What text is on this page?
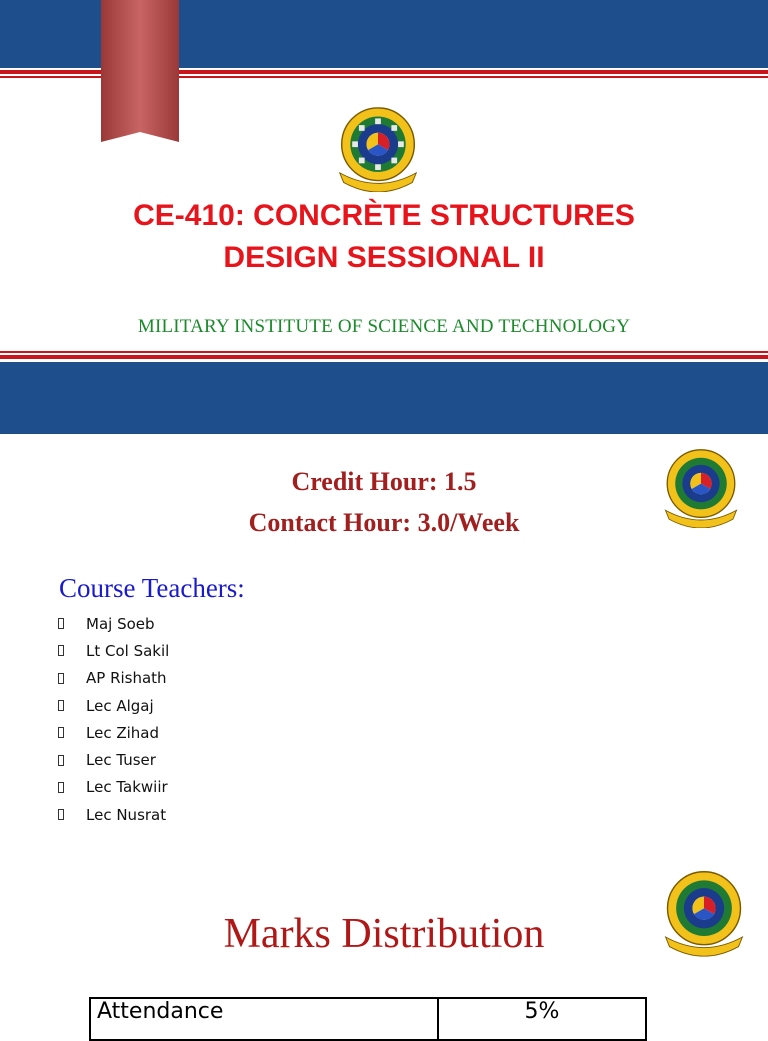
CE-410: CONCRÈTE STRUCTURES
DESIGN SESSIONAL II
MILITARY INSTITUTE OF SCIENCE AND TECHNOLOGY
Credit Hour: 1.5
Contact Hour: 3.0/Week
Course Teachers:
Maj Soeb
Lt Col Sakil
AP Rishath
Lec Algaj
Lec Zihad
Lec Tuser
Lec Takwiir
Lec Nusrat
Marks Distribution
Attendance	5%
